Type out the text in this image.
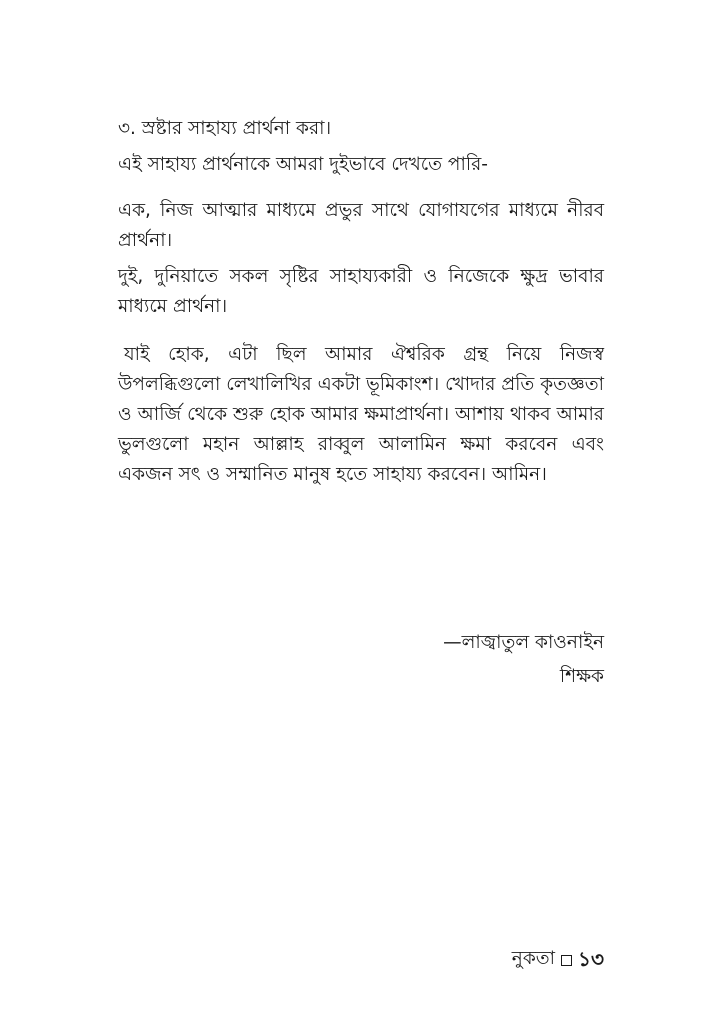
৩. স্রষ্টার সাহায্য প্রার্থনা করা।

এই সাহায্য প্রার্থনাকে আমরা দুইভাবে দেখতে পারি-

এক, নিজ আত্মার মাধ্যমে প্রভুর সাথে যোগাযগের মাধ্যমে নীরব প্রার্থনা।

দুই, দুনিয়াতে সকল সৃষ্টির সাহায্যকারী ও নিজেকে ক্ষুদ্র ভাবার মাধ্যমে প্রার্থনা।

যাই হোক, এটা ছিল আমার ঐশ্বরিক গ্রন্থ নিয়ে নিজস্ব উপলব্ধিগুলো লেখালিখির একটা ভূমিকাংশ। খোদার প্রতি কৃতজ্ঞতা ও আর্জি থেকে শুরু হোক আমার ক্ষমাপ্রার্থনা। আশায় থাকব আমার ভুলগুলো মহান আল্লাহ রাব্বুল আলামিন ক্ষমা করবেন এবং একজন সৎ ও সম্মানিত মানুষ হতে সাহায্য করবেন। আমিন।

—লাজ্বাতুল কাওনাইন
শিক্ষক
নুকতা ১৩
